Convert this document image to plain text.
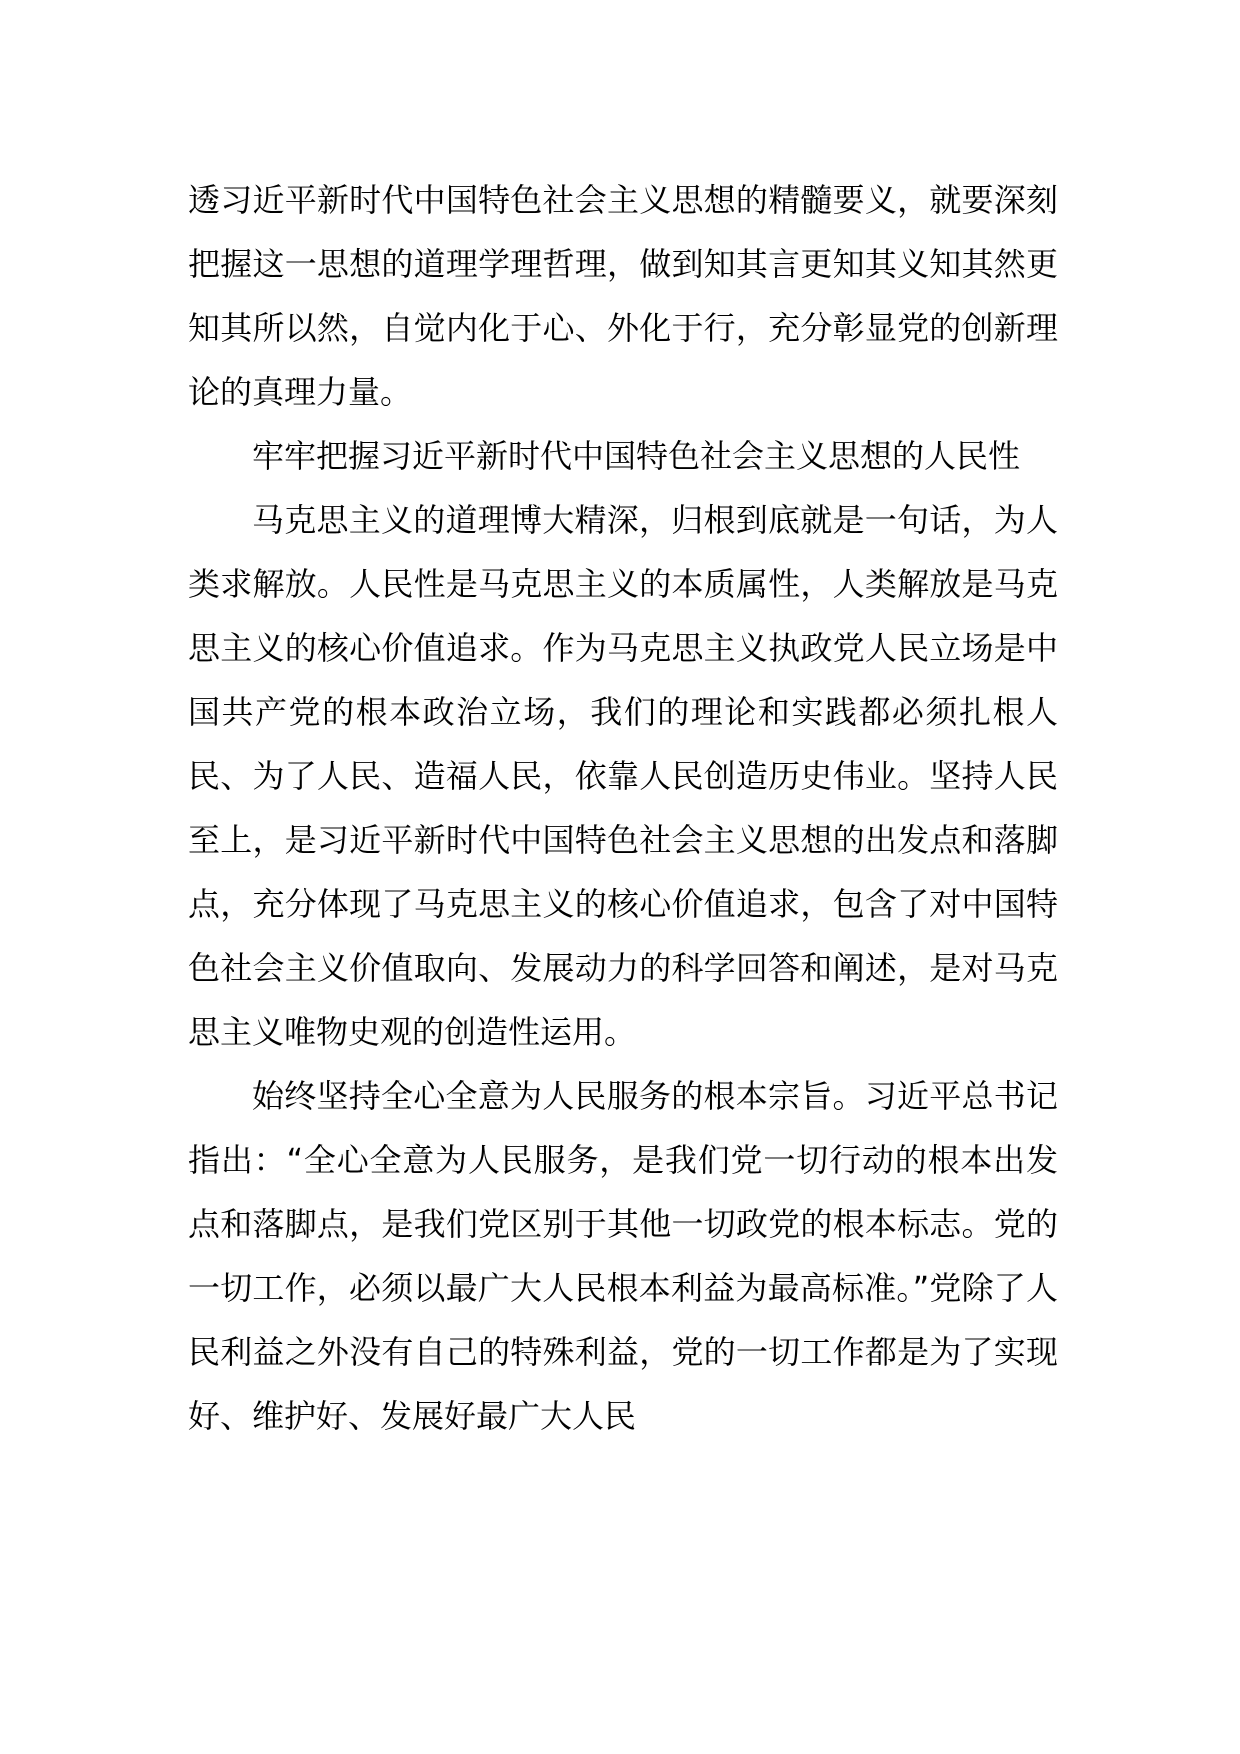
透习近平新时代中国特色社会主义思想的精髓要义，就要深刻把握这一思想的道理学理哲理，做到知其言更知其义知其然更知其所以然，自觉内化于心、外化于行，充分彰显党的创新理论的真理力量。

牢牢把握习近平新时代中国特色社会主义思想的人民性

马克思主义的道理博大精深，归根到底就是一句话，为人类求解放。人民性是马克思主义的本质属性，人类解放是马克思主义的核心价值追求。作为马克思主义执政党人民立场是中国共产党的根本政治立场，我们的理论和实践都必须扎根人民、为了人民、造福人民，依靠人民创造历史伟业。坚持人民至上，是习近平新时代中国特色社会主义思想的出发点和落脚点，充分体现了马克思主义的核心价值追求，包含了对中国特色社会主义价值取向、发展动力的科学回答和阐述，是对马克思主义唯物史观的创造性运用。

始终坚持全心全意为人民服务的根本宗旨。习近平总书记指出：“全心全意为人民服务，是我们党一切行动的根本出发点和落脚点，是我们党区别于其他一切政党的根本标志。党的一切工作，必须以最广大人民根本利益为最高标准。”党除了人民利益之外没有自己的特殊利益，党的一切工作都是为了实现好、维护好、发展好最广大人民
